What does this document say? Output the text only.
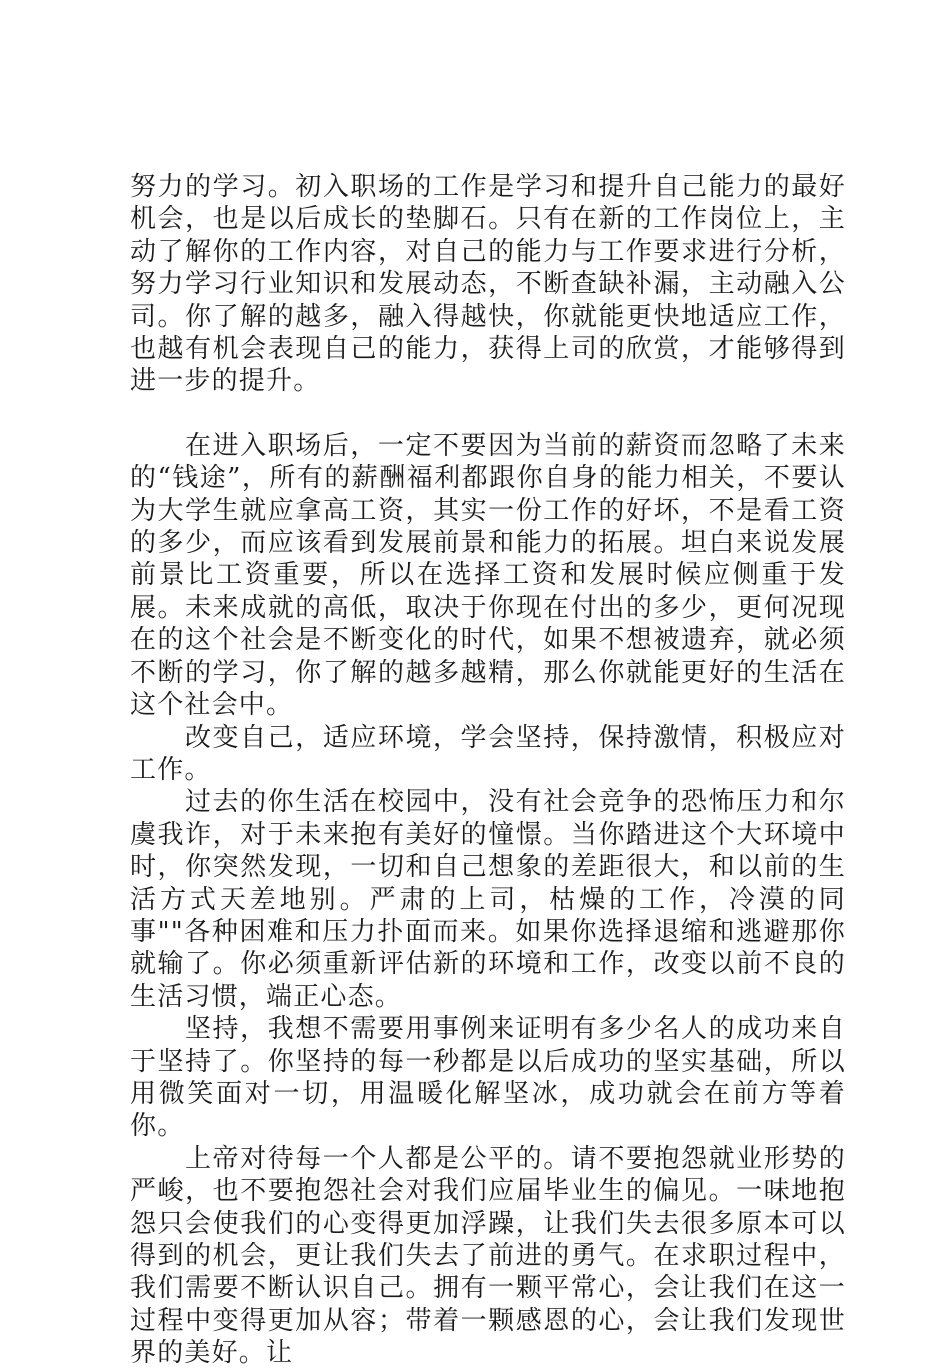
努力的学习。初入职场的工作是学习和提升自己能力的最好机会，也是以后成长的垫脚石。只有在新的工作岗位上，主动了解你的工作内容，对自己的能力与工作要求进行分析，努力学习行业知识和发展动态，不断查缺补漏，主动融入公司。你了解的越多，融入得越快，你就能更快地适应工作，也越有机会表现自己的能力，获得上司的欣赏，才能够得到进一步的提升。

在进入职场后，一定不要因为当前的薪资而忽略了未来的“钱途”，所有的薪酬福利都跟你自身的能力相关，不要认为大学生就应拿高工资，其实一份工作的好坏，不是看工资的多少，而应该看到发展前景和能力的拓展。坦白来说发展前景比工资重要，所以在选择工资和发展时候应侧重于发展。未来成就的高低，取决于你现在付出的多少，更何况现在的这个社会是不断变化的时代，如果不想被遗弃，就必须不断的学习，你了解的越多越精，那么你就能更好的生活在这个社会中。

改变自己，适应环境，学会坚持，保持激情，积极应对工作。

过去的你生活在校园中，没有社会竞争的恐怖压力和尔虞我诈，对于未来抱有美好的憧憬。当你踏进这个大环境中时，你突然发现，一切和自己想象的差距很大，和以前的生活方式天差地别。严肃的上司，枯燥的工作，冷漠的同事""各种困难和压力扑面而来。如果你选择退缩和逃避那你就输了。你必须重新评估新的环境和工作，改变以前不良的生活习惯，端正心态。

坚持，我想不需要用事例来证明有多少名人的成功来自于坚持了。你坚持的每一秒都是以后成功的坚实基础，所以用微笑面对一切，用温暖化解坚冰，成功就会在前方等着你。

上帝对待每一个人都是公平的。请不要抱怨就业形势的严峻，也不要抱怨社会对我们应届毕业生的偏见。一味地抱怨只会使我们的心变得更加浮躁，让我们失去很多原本可以得到的机会，更让我们失去了前进的勇气。在求职过程中，我们需要不断认识自己。拥有一颗平常心，会让我们在这一过程中变得更加从容；带着一颗感恩的心，会让我们发现世界的美好。让
